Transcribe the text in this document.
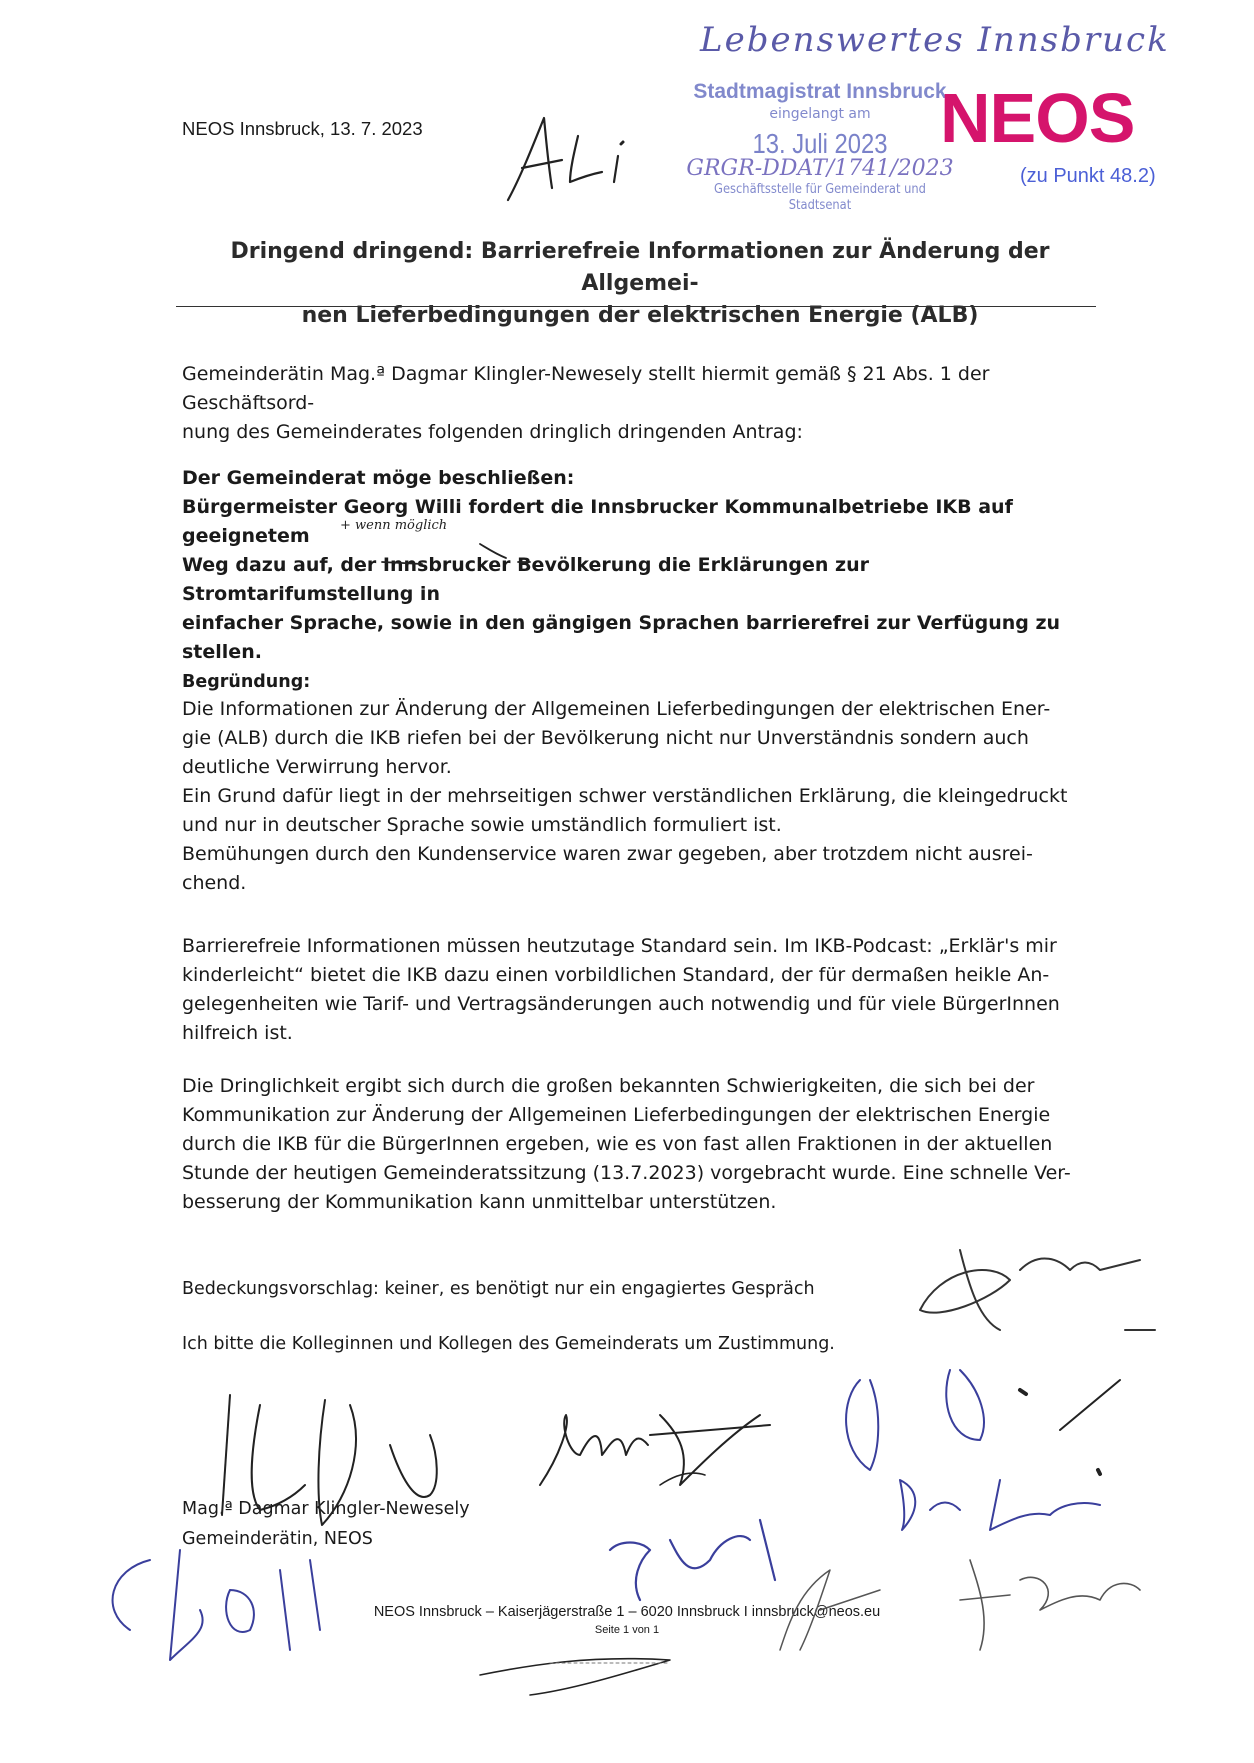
NEOS Innsbruck, 13. 7. 2023
Lebenswertes Innsbruck
Stadtmagistrat Innsbruck
eingelangt am
13. Juli 2023
GRGR-DDAT/1741/2023
Geschäftsstelle für Gemeinderat und Stadtsenat
NEOS
(zu Punkt 48.2)
Dringend dringend: Barrierefreie Informationen zur Änderung der Allgemei-
nen Lieferbedingungen der elektrischen Energie (ALB)
Gemeinderätin Mag.ª Dagmar Klingler-Newesely stellt hiermit gemäß § 21 Abs. 1 der Geschäftsord-
nung des Gemeinderates folgenden dringlich dringenden Antrag:
Der Gemeinderat möge beschließen:
Bürgermeister Georg Willi fordert die Innsbrucker Kommunalbetriebe IKB auf geeignetem
Weg dazu auf, der Innsbrucker Bevölkerung die Erklärungen zur Stromtarifumstellung in
einfacher Sprache, sowie in den gängigen Sprachen barrierefrei zur Verfügung zu stellen.
+ wenn möglich
Begründung:
Die Informationen zur Änderung der Allgemeinen Lieferbedingungen der elektrischen Ener-
gie (ALB) durch die IKB riefen bei der Bevölkerung nicht nur Unverständnis sondern auch
deutliche Verwirrung hervor.
Ein Grund dafür liegt in der mehrseitigen schwer verständlichen Erklärung, die kleingedruckt
und nur in deutscher Sprache sowie umständlich formuliert ist.
Bemühungen durch den Kundenservice waren zwar gegeben, aber trotzdem nicht ausrei-
chend.
Barrierefreie Informationen müssen heutzutage Standard sein. Im IKB-Podcast: „Erklär's mir
kinderleicht“ bietet die IKB dazu einen vorbildlichen Standard, der für dermaßen heikle An-
gelegenheiten wie Tarif- und Vertragsänderungen auch notwendig und für viele BürgerInnen
hilfreich ist.
Die Dringlichkeit ergibt sich durch die großen bekannten Schwierigkeiten, die sich bei der
Kommunikation zur Änderung der Allgemeinen Lieferbedingungen der elektrischen Energie
durch die IKB für die BürgerInnen ergeben, wie es von fast allen Fraktionen in der aktuellen
Stunde der heutigen Gemeinderatssitzung (13.7.2023) vorgebracht wurde. Eine schnelle Ver-
besserung der Kommunikation kann unmittelbar unterstützen.
Bedeckungsvorschlag: keiner, es benötigt nur ein engagiertes Gespräch
Ich bitte die Kolleginnen und Kollegen des Gemeinderats um Zustimmung.
Mag.ª Dagmar Klingler-Newesely
Gemeinderätin, NEOS
NEOS Innsbruck – Kaiserjägerstraße 1 – 6020 Innsbruck I innsbruck@neos.eu
Seite 1 von 1
